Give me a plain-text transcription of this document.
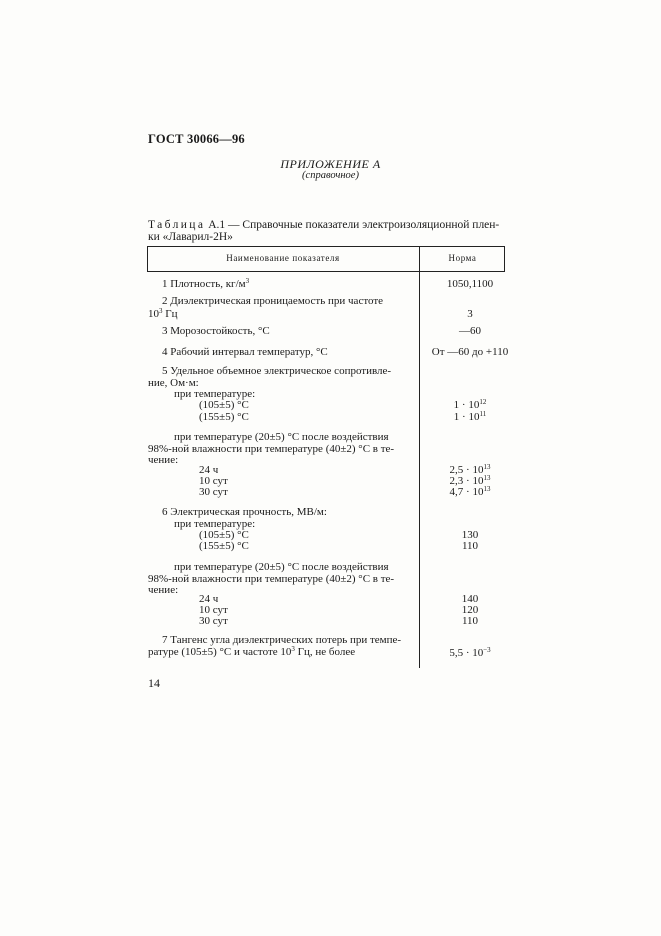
ГОСТ 30066—96
ПРИЛОЖЕНИЕ А
(справочное)
Таблица А.1 — Справочные показатели электроизоляционной плен-
ки «Лаварил-2Н»
Наименование показателя	Норма
1 Плотность, $кг/м^3$	1050,1100
2 Диэлектрическая проницаемость при частоте
$10^3$ Гц	3
3 Морозостойкость, °С	—60
4 Рабочий интервал температур, °С	От —60 до +110
5 Удельное объемное электрическое сопротивле-
ние, Ом·м:
при температуре:
(105±5) °С	$1 \cdot 10^{12}$
(155±5) °С	$1 \cdot 10^{11}$
при температуре (20±5) °С после воздействия
98%-ной влажности при температуре (40±2) °С в те-
чение:
24 ч	$2,5 \cdot 10^{13}$
10 сут	$2,3 \cdot 10^{13}$
30 сут	$4,7 \cdot 10^{13}$
6 Электрическая прочность, МВ/м:
при температуре:
(105±5) °С	130
(155±5) °С	110
при температуре (20±5) °С после воздействия
98%-ной влажности при температуре (40±2) °С в те-
чение:
24 ч	140
10 сут	120
30 сут	110
7 Тангенс угла диэлектрических потерь при темпе-
ратуре (105±5) °С и частоте $10^3$ Гц, не более	$5,5 \cdot 10^{-3}$
14
